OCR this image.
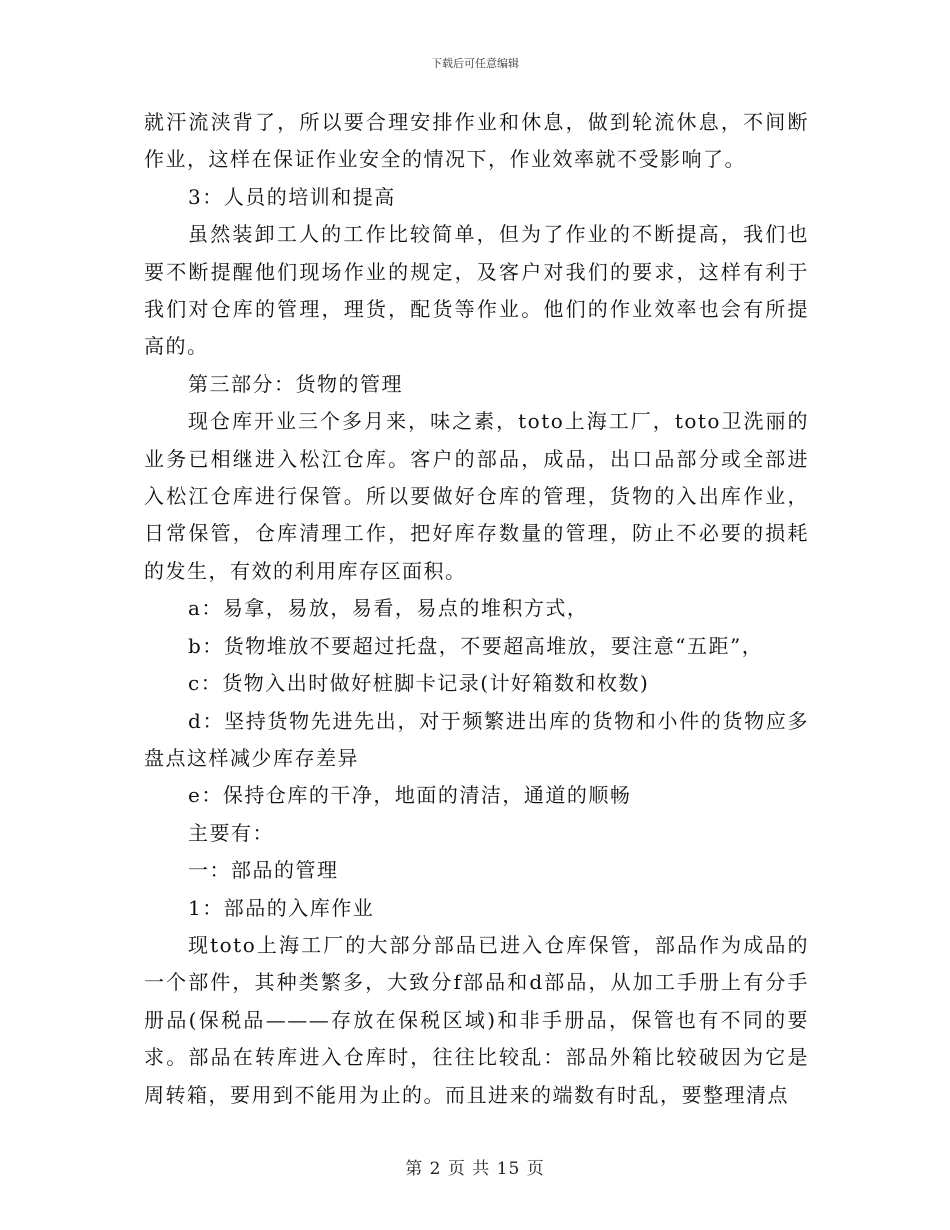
下载后可任意编辑

就汗流浃背了，所以要合理安排作业和休息，做到轮流休息，不间断作业，这样在保证作业安全的情况下，作业效率就不受影响了。

3：人员的培训和提高

虽然装卸工人的工作比较简单，但为了作业的不断提高，我们也要不断提醒他们现场作业的规定，及客户对我们的要求，这样有利于我们对仓库的管理，理货，配货等作业。他们的作业效率也会有所提高的。

第三部分：货物的管理

现仓库开业三个多月来，味之素，toto上海工厂，toto卫洗丽的业务已相继进入松江仓库。客户的部品，成品，出口品部分或全部进入松江仓库进行保管。所以要做好仓库的管理，货物的入出库作业，日常保管，仓库清理工作，把好库存数量的管理，防止不必要的损耗的发生，有效的利用库存区面积。

a：易拿，易放，易看，易点的堆积方式，

b：货物堆放不要超过托盘，不要超高堆放，要注意“五距”，

c：货物入出时做好桩脚卡记录(计好箱数和枚数)

d：坚持货物先进先出，对于频繁进出库的货物和小件的货物应多盘点这样减少库存差异

e：保持仓库的干净，地面的清洁，通道的顺畅

主要有：

一：部品的管理

1：部品的入库作业

现toto上海工厂的大部分部品已进入仓库保管，部品作为成品的一个部件，其种类繁多，大致分f部品和d部品，从加工手册上有分手册品(保税品———存放在保税区域)和非手册品，保管也有不同的要求。部品在转库进入仓库时，往往比较乱：部品外箱比较破因为它是周转箱，要用到不能用为止的。而且进来的端数有时乱，要整理清点

第 2 页 共 15 页
